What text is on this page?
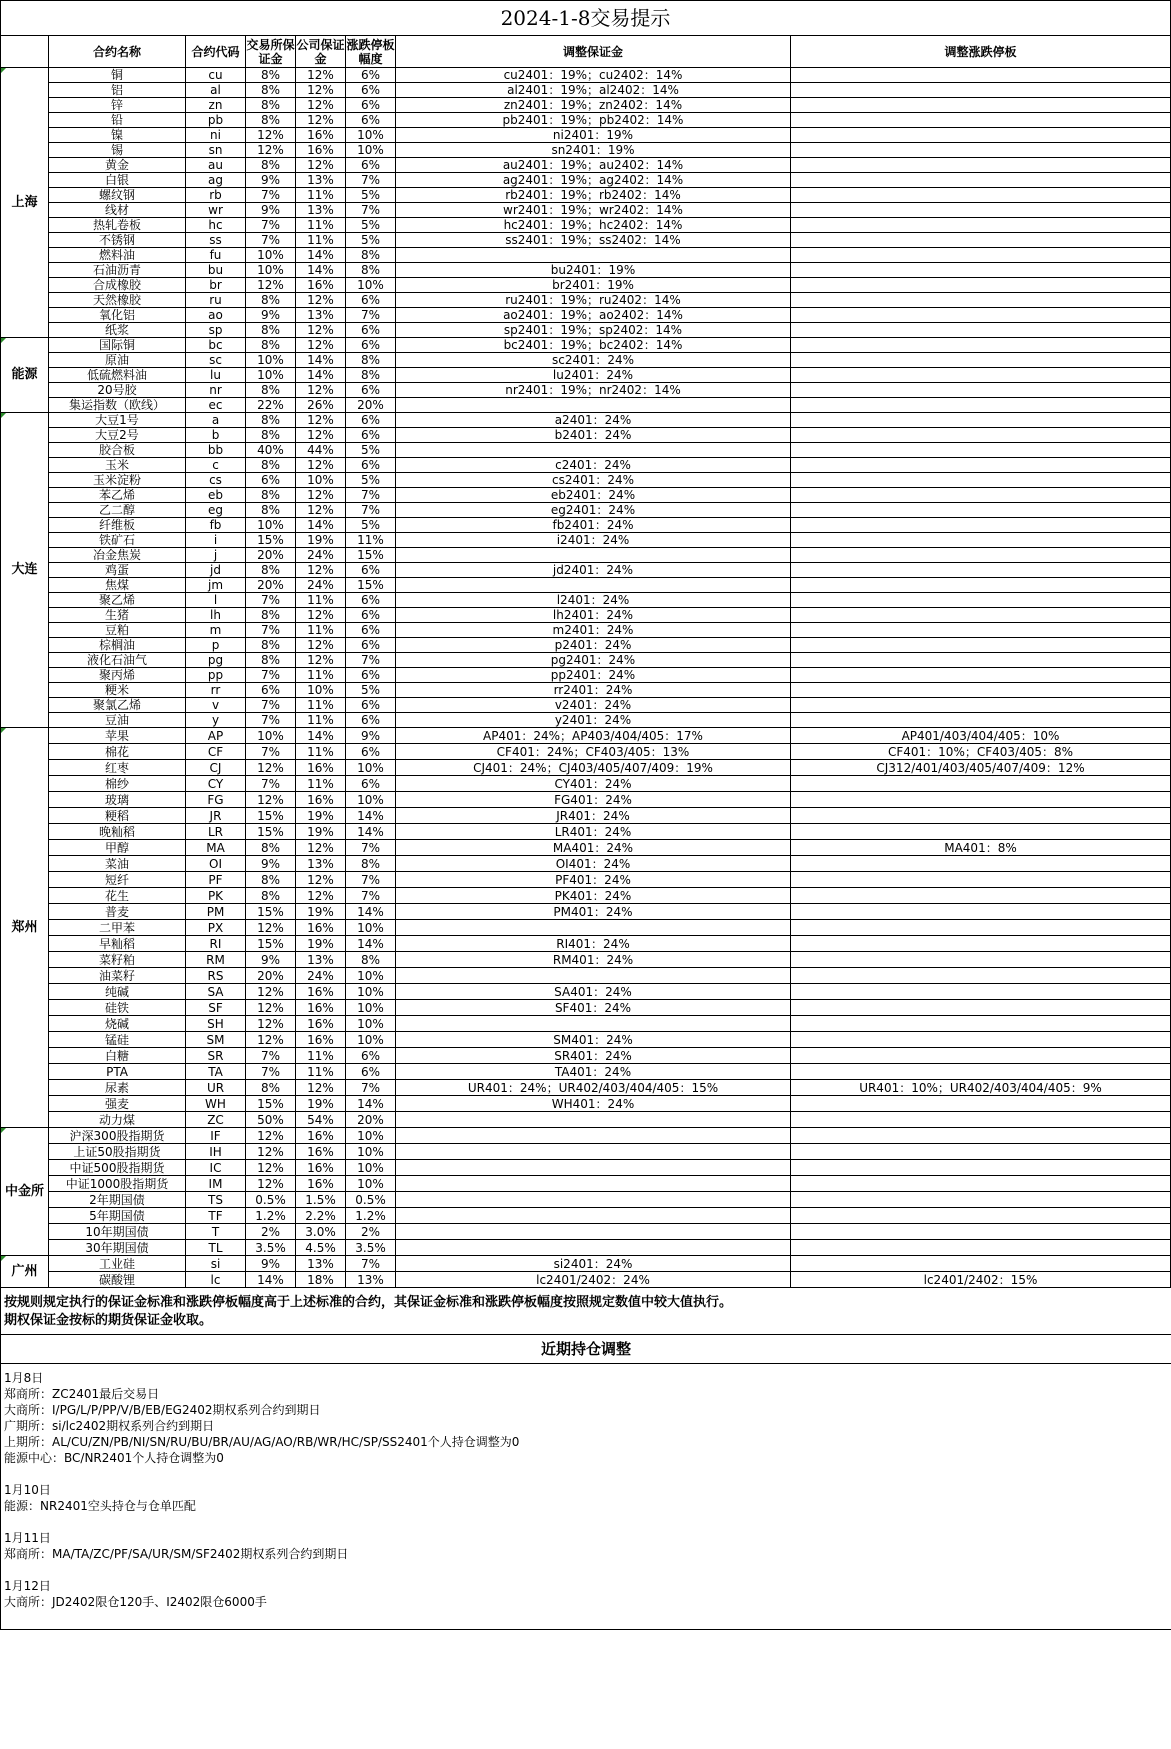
2024-1-8交易提示							
	合约名称	合约代码	交易所保证金	公司保证金	涨跌停板幅度	调整保证金	调整涨跌停板
上海	铜	cu	8%	12%	6%	cu2401：19%；cu2402：14%	
	铝	al	8%	12%	6%	al2401：19%；al2402：14%	
	锌	zn	8%	12%	6%	zn2401：19%；zn2402：14%	
	铅	pb	8%	12%	6%	pb2401：19%；pb2402：14%	
	镍	ni	12%	16%	10%	ni2401：19%	
	锡	sn	12%	16%	10%	sn2401：19%	
	黄金	au	8%	12%	6%	au2401：19%；au2402：14%	
	白银	ag	9%	13%	7%	ag2401：19%；ag2402：14%	
	螺纹钢	rb	7%	11%	5%	rb2401：19%；rb2402：14%	
	线材	wr	9%	13%	7%	wr2401：19%；wr2402：14%	
	热轧卷板	hc	7%	11%	5%	hc2401：19%；hc2402：14%	
	不锈钢	ss	7%	11%	5%	ss2401：19%；ss2402：14%	
	燃料油	fu	10%	14%	8%		
	石油沥青	bu	10%	14%	8%	bu2401：19%	
	合成橡胶	br	12%	16%	10%	br2401：19%	
	天然橡胶	ru	8%	12%	6%	ru2401：19%；ru2402：14%	
	氧化铝	ao	9%	13%	7%	ao2401：19%；ao2402：14%	
	纸浆	sp	8%	12%	6%	sp2401：19%；sp2402：14%	
能源	国际铜	bc	8%	12%	6%	bc2401：19%；bc2402：14%	
	原油	sc	10%	14%	8%	sc2401：24%	
	低硫燃料油	lu	10%	14%	8%	lu2401：24%	
	20号胶	nr	8%	12%	6%	nr2401：19%；nr2402：14%	
	集运指数（欧线）	ec	22%	26%	20%		
大连	大豆1号	a	8%	12%	6%	a2401：24%	
	大豆2号	b	8%	12%	6%	b2401：24%	
	胶合板	bb	40%	44%	5%		
	玉米	c	8%	12%	6%	c2401：24%	
	玉米淀粉	cs	6%	10%	5%	cs2401：24%	
	苯乙烯	eb	8%	12%	7%	eb2401：24%	
	乙二醇	eg	8%	12%	7%	eg2401：24%	
	纤维板	fb	10%	14%	5%	fb2401：24%	
	铁矿石	i	15%	19%	11%	i2401：24%	
	冶金焦炭	j	20%	24%	15%		
	鸡蛋	jd	8%	12%	6%	jd2401：24%	
	焦煤	jm	20%	24%	15%		
	聚乙烯	l	7%	11%	6%	l2401：24%	
	生猪	lh	8%	12%	6%	lh2401：24%	
	豆粕	m	7%	11%	6%	m2401：24%	
	棕榈油	p	8%	12%	6%	p2401：24%	
	液化石油气	pg	8%	12%	7%	pg2401：24%	
	聚丙烯	pp	7%	11%	6%	pp2401：24%	
	粳米	rr	6%	10%	5%	rr2401：24%	
	聚氯乙烯	v	7%	11%	6%	v2401：24%	
	豆油	y	7%	11%	6%	y2401：24%	
郑州	苹果	AP	10%	14%	9%	AP401：24%；AP403/404/405：17%	AP401/403/404/405：10%
	棉花	CF	7%	11%	6%	CF401：24%；CF403/405：13%	CF401：10%；CF403/405：8%
	红枣	CJ	12%	16%	10%	CJ401：24%；CJ403/405/407/409：19%	CJ312/401/403/405/407/409：12%
	棉纱	CY	7%	11%	6%	CY401：24%	
	玻璃	FG	12%	16%	10%	FG401：24%	
	粳稻	JR	15%	19%	14%	JR401：24%	
	晚籼稻	LR	15%	19%	14%	LR401：24%	
	甲醇	MA	8%	12%	7%	MA401：24%	MA401：8%
	菜油	OI	9%	13%	8%	OI401：24%	
	短纤	PF	8%	12%	7%	PF401：24%	
	花生	PK	8%	12%	7%	PK401：24%	
	普麦	PM	15%	19%	14%	PM401：24%	
	二甲苯	PX	12%	16%	10%		
	早籼稻	RI	15%	19%	14%	RI401：24%	
	菜籽粕	RM	9%	13%	8%	RM401：24%	
	油菜籽	RS	20%	24%	10%		
	纯碱	SA	12%	16%	10%	SA401：24%	
	硅铁	SF	12%	16%	10%	SF401：24%	
	烧碱	SH	12%	16%	10%		
	锰硅	SM	12%	16%	10%	SM401：24%	
	白糖	SR	7%	11%	6%	SR401：24%	
	PTA	TA	7%	11%	6%	TA401：24%	
	尿素	UR	8%	12%	7%	UR401：24%；UR402/403/404/405：15%	UR401：10%；UR402/403/404/405：9%
	强麦	WH	15%	19%	14%	WH401：24%	
	动力煤	ZC	50%	54%	20%		
中金所	沪深300股指期货	IF	12%	16%	10%		
	上证50股指期货	IH	12%	16%	10%		
	中证500股指期货	IC	12%	16%	10%		
	中证1000股指期货	IM	12%	16%	10%		
	2年期国债	TS	0.5%	1.5%	0.5%		
	5年期国债	TF	1.2%	2.2%	1.2%		
	10年期国债	T	2%	3.0%	2%		
	30年期国债	TL	3.5%	4.5%	3.5%		
广州	工业硅	si	9%	13%	7%	si2401：24%	
	碳酸锂	lc	14%	18%	13%	lc2401/2402：24%	lc2401/2402：15%
按规则规定执行的保证金标准和涨跌停板幅度高于上述标准的合约，其保证金标准和涨跌停板幅度按照规定数值中较大值执行。
期权保证金按标的期货保证金收取。
近期持仓调整
1月8日
郑商所：ZC2401最后交易日
大商所：I/PG/L/P/PP/V/B/EB/EG2402期权系列合约到期日
广期所：si/lc2402期权系列合约到期日
上期所：AL/CU/ZN/PB/NI/SN/RU/BU/BR/AU/AG/AO/RB/WR/HC/SP/SS2401个人持仓调整为0
能源中心：BC/NR2401个人持仓调整为0
1月10日
能源：NR2401空头持仓与仓单匹配
1月11日
郑商所：MA/TA/ZC/PF/SA/UR/SM/SF2402期权系列合约到期日
1月12日
大商所：JD2402限仓120手、I2402限仓6000手
